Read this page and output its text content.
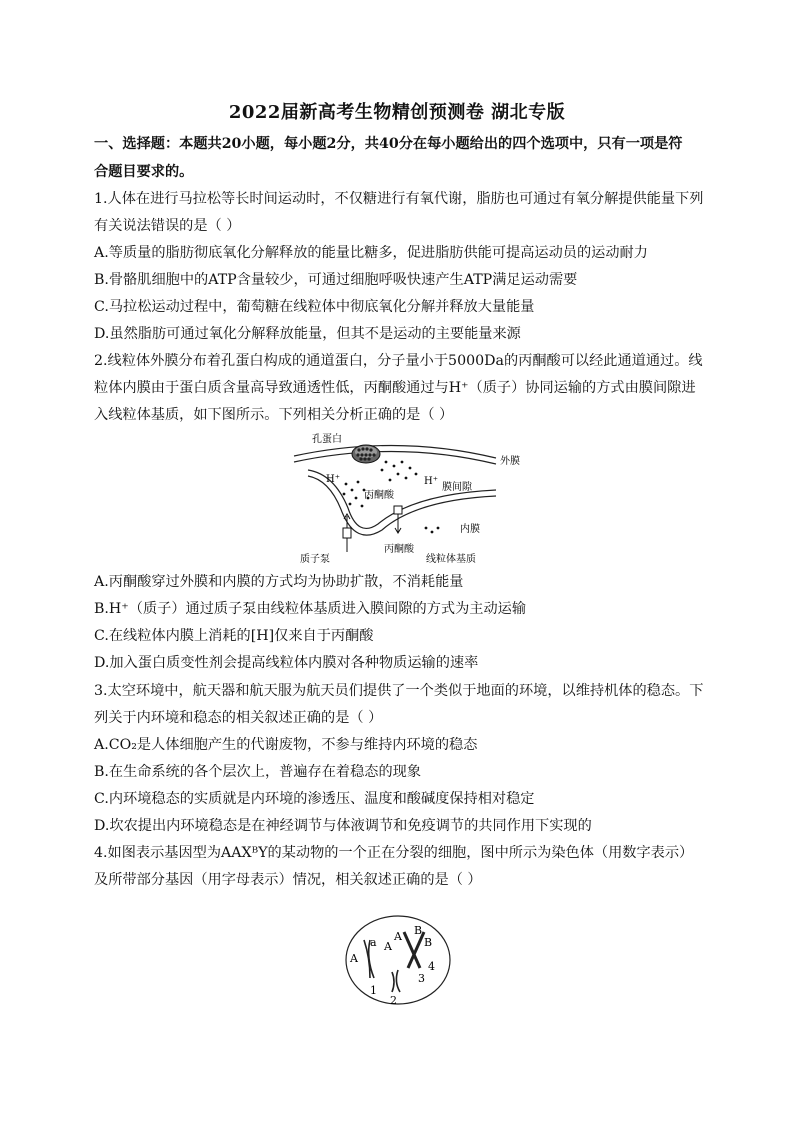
2022届新高考生物精创预测卷 湖北专版
一、选择题：本题共20小题，每小题2分，共40分在每小题给出的四个选项中，只有一项是符
合题目要求的。
1.人体在进行马拉松等长时间运动时，不仅糖进行有氧代谢，脂肪也可通过有氧分解提供能量下列
有关说法错误的是（ ）
A.等质量的脂肪彻底氧化分解释放的能量比糖多，促进脂肪供能可提高运动员的运动耐力
B.骨骼肌细胞中的ATP含量较少，可通过细胞呼吸快速产生ATP满足运动需要
C.马拉松运动过程中，葡萄糖在线粒体中彻底氧化分解并释放大量能量
D.虽然脂肪可通过氧化分解释放能量，但其不是运动的主要能量来源
2.线粒体外膜分布着孔蛋白构成的通道蛋白，分子量小于5000Da的丙酮酸可以经此通道通过。线
粒体内膜由于蛋白质含量高导致通透性低，丙酮酸通过与H⁺（质子）协同运输的方式由膜间隙进
入线粒体基质，如下图所示。下列相关分析正确的是（ ）
孔蛋白
外膜
H⁺	H⁺
丙酮酸
膜间隙
内膜
质子泵
丙酮酸
线粒体基质
A.丙酮酸穿过外膜和内膜的方式均为协助扩散，不消耗能量
B.H⁺（质子）通过质子泵由线粒体基质进入膜间隙的方式为主动运输
C.在线粒体内膜上消耗的[H]仅来自于丙酮酸
D.加入蛋白质变性剂会提高线粒体内膜对各种物质运输的速率
3.太空环境中，航天器和航天服为航天员们提供了一个类似于地面的环境，以维持机体的稳态。下
列关于内环境和稳态的相关叙述正确的是（ ）
A.CO₂是人体细胞产生的代谢废物，不参与维持内环境的稳态
B.在生命系统的各个层次上，普遍存在着稳态的现象
C.内环境稳态的实质就是内环境的渗透压、温度和酸碱度保持相对稳定
D.坎农提出内环境稳态是在神经调节与体液调节和免疫调节的共同作用下实现的
4.如图表示基因型为AAXᴮY的某动物的一个正在分裂的细胞，图中所示为染色体（用数字表示）
及所带部分基因（用字母表示）情况，相关叙述正确的是（ ）
A
a
1
2
A
A B
B
3
4
